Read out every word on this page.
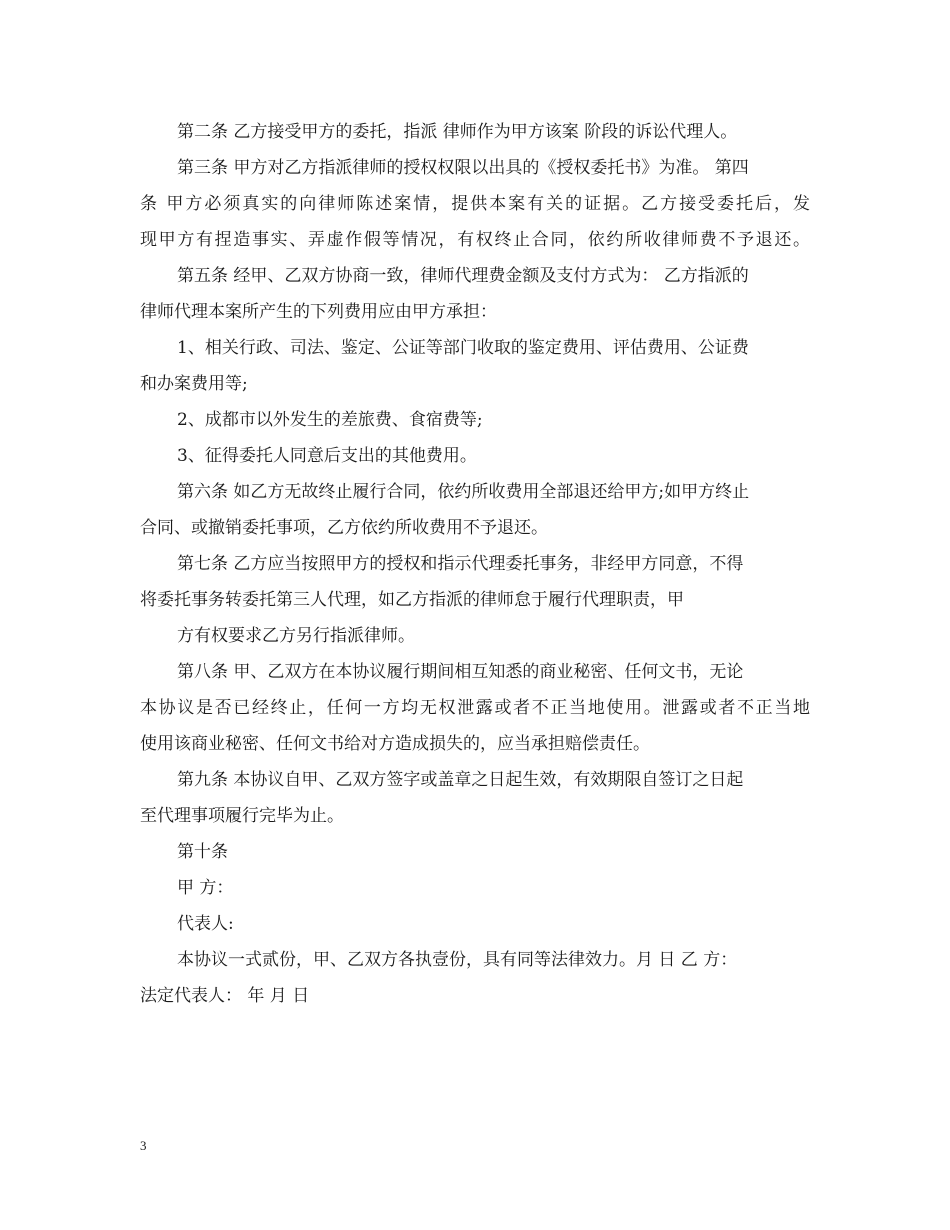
第二条 乙方接受甲方的委托，指派 律师作为甲方该案 阶段的诉讼代理人。
第三条 甲方对乙方指派律师的授权权限以出具的《授权委托书》为准。 第四
条 甲方必须真实的向律师陈述案情，提供本案有关的证据。乙方接受委托后，发
现甲方有捏造事实、弄虚作假等情况，有权终止合同，依约所收律师费不予退还。
第五条 经甲、乙双方协商一致，律师代理费金额及支付方式为： 乙方指派的
律师代理本案所产生的下列费用应由甲方承担：
1、相关行政、司法、鉴定、公证等部门收取的鉴定费用、评估费用、公证费
和办案费用等;
2、成都市以外发生的差旅费、食宿费等;
3、征得委托人同意后支出的其他费用。
第六条 如乙方无故终止履行合同，依约所收费用全部退还给甲方;如甲方终止
合同、或撤销委托事项，乙方依约所收费用不予退还。
第七条 乙方应当按照甲方的授权和指示代理委托事务，非经甲方同意，不得
将委托事务转委托第三人代理，如乙方指派的律师怠于履行代理职责，甲
方有权要求乙方另行指派律师。
第八条 甲、乙双方在本协议履行期间相互知悉的商业秘密、任何文书，无论
本协议是否已经终止，任何一方均无权泄露或者不正当地使用。泄露或者不正当地
使用该商业秘密、任何文书给对方造成损失的，应当承担赔偿责任。
第九条 本协议自甲、乙双方签字或盖章之日起生效，有效期限自签订之日起
至代理事项履行完毕为止。
第十条
甲 方：
代表人:
本协议一式贰份，甲、乙双方各执壹份，具有同等法律效力。月 日 乙 方：
法定代表人： 年 月 日
3
